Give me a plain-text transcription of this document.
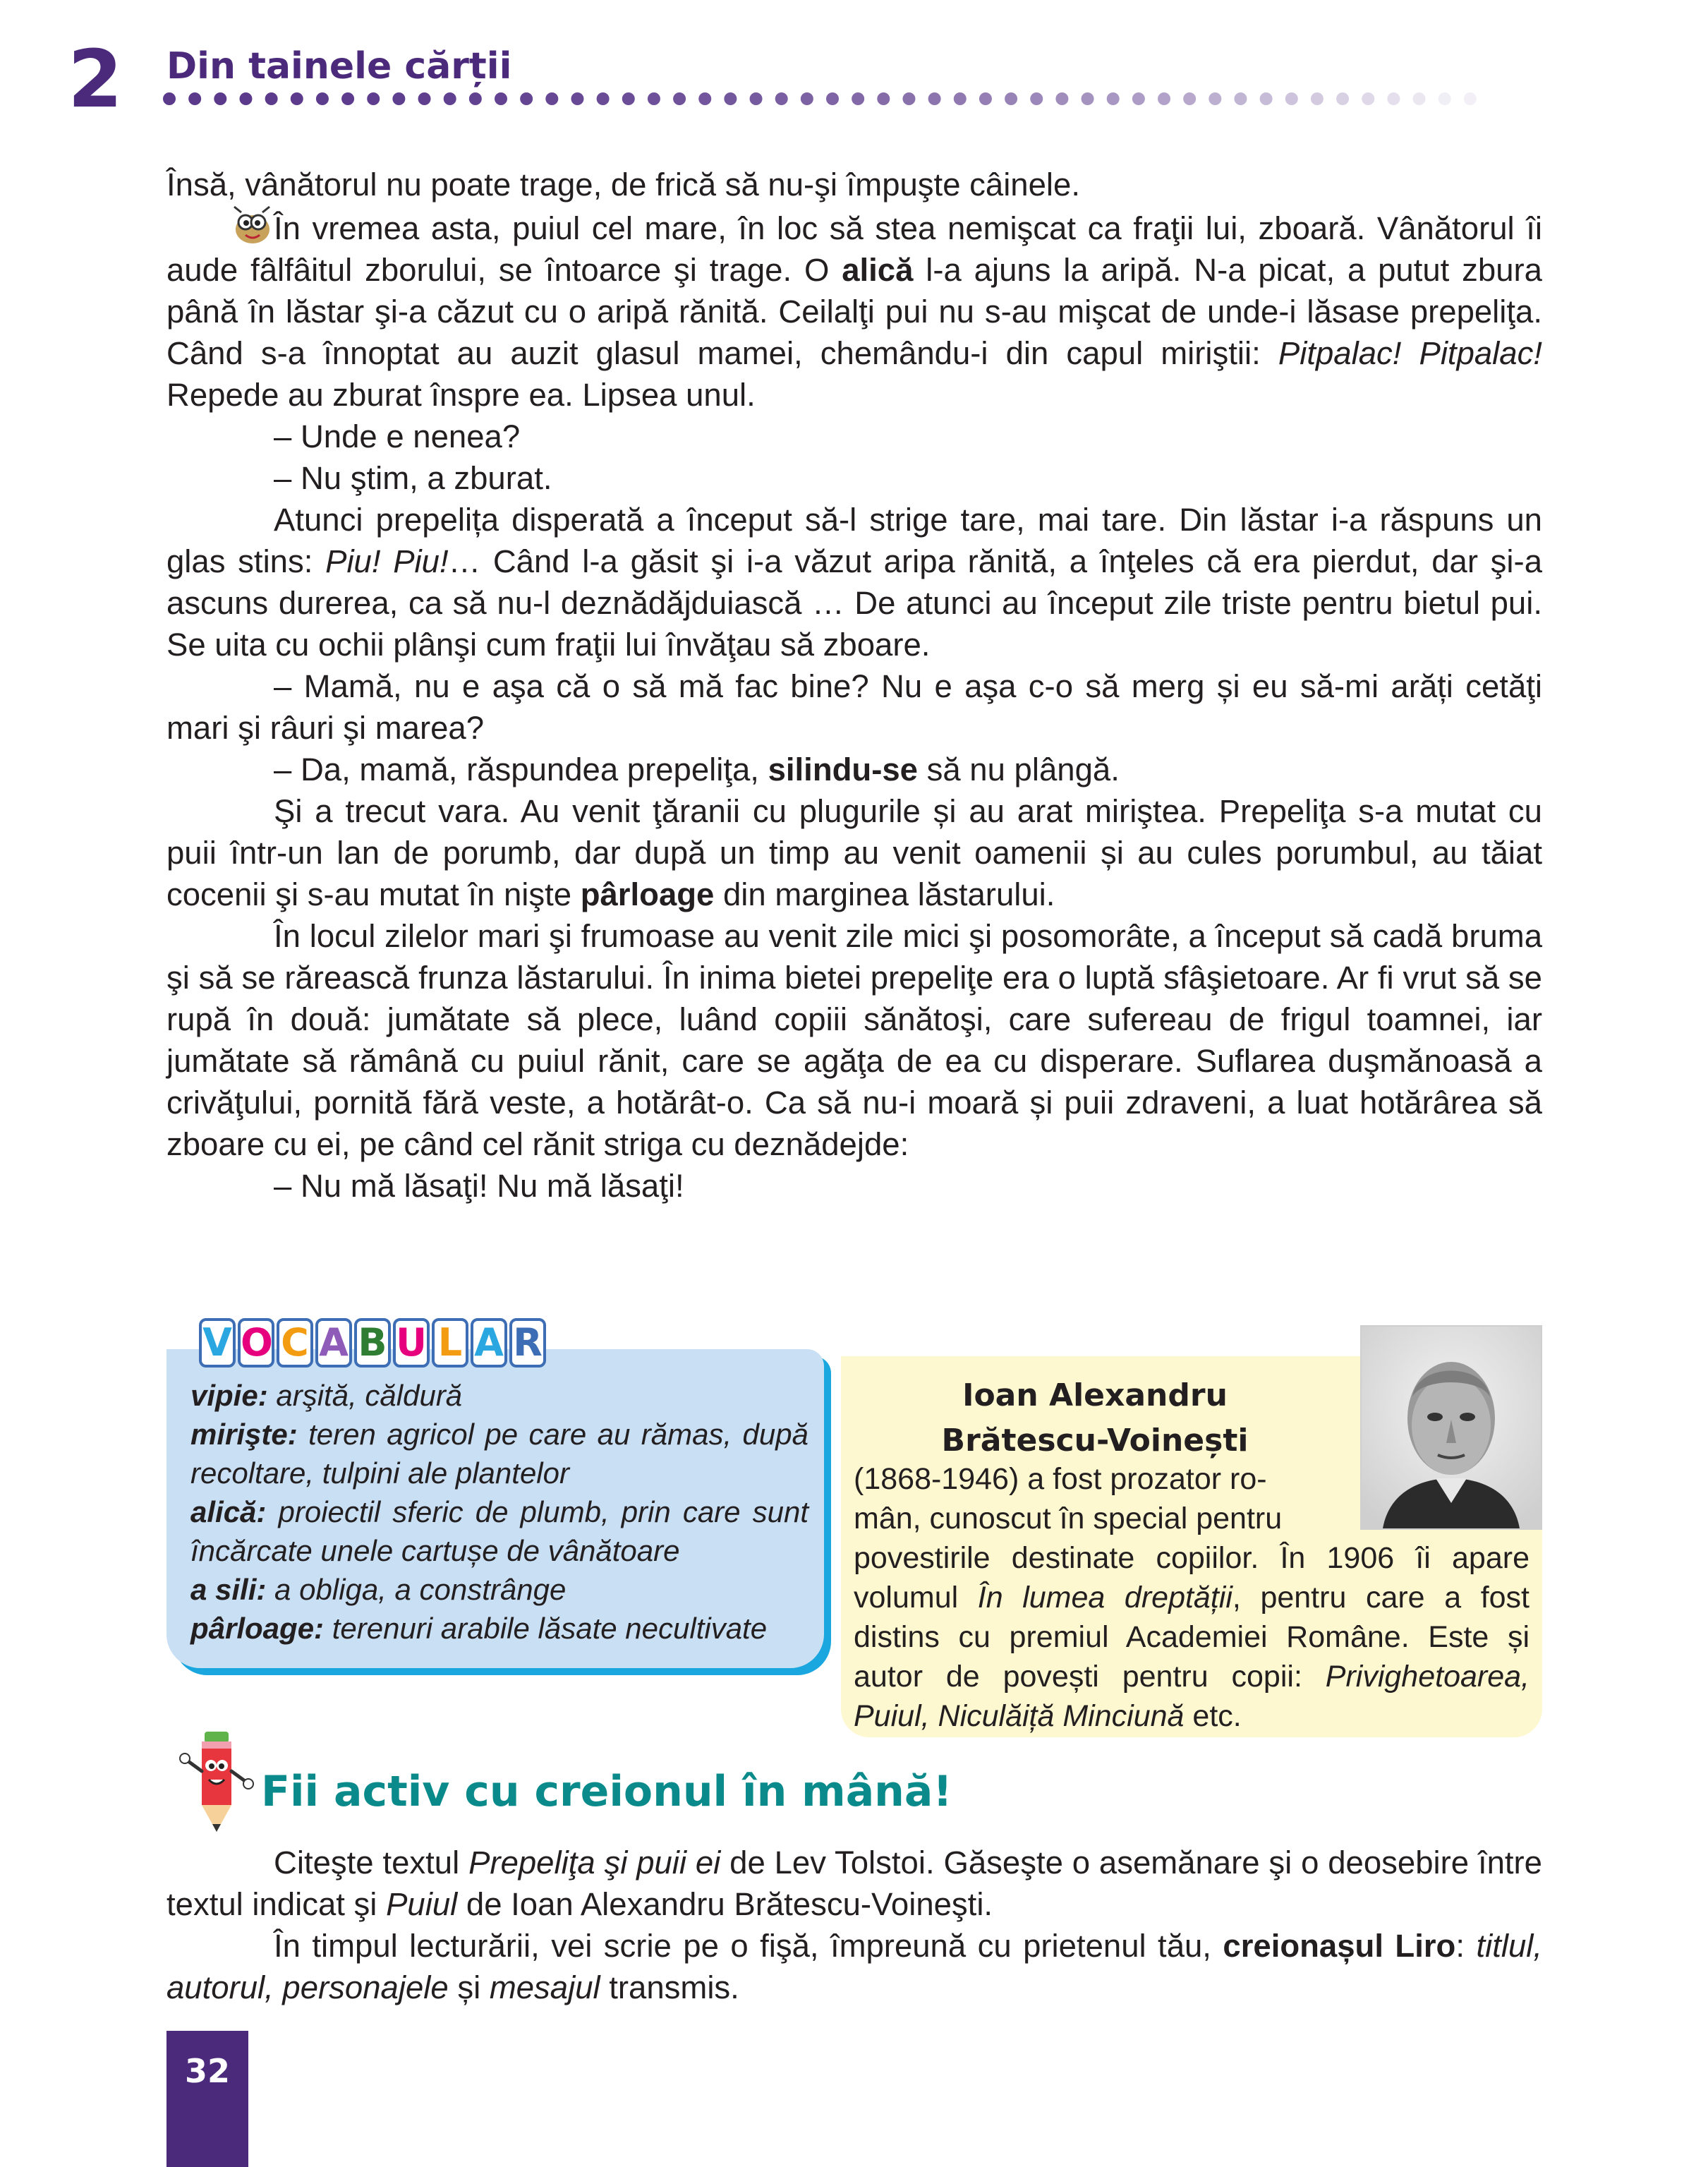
2 Din tainele cărții

Însă, vânătorul nu poate trage, de frică să nu-şi împuşte câinele.

În vremea asta, puiul cel mare, în loc să stea nemişcat ca fraţii lui, zboară. Vânătorul îi aude fâlfâitul zborului, se întoarce şi trage. O alică l-a ajuns la aripă. N-a picat, a putut zbura până în lăstar şi-a căzut cu o aripă rănită. Ceilalţi pui nu s-au mişcat de unde-i lăsase prepeliţa. Când s-a înnoptat au auzit glasul mamei, chemându-i din capul miriştii: Pitpalac! Pitpalac! Repede au zburat înspre ea. Lipsea unul.

– Unde e nenea?

– Nu ştim, a zburat.

Atunci prepelița disperată a început să-l strige tare, mai tare. Din lăstar i-a răspuns un glas stins: Piu! Piu!… Când l-a găsit şi i-a văzut aripa rănită, a înţeles că era pierdut, dar şi-a ascuns durerea, ca să nu-l deznădăjduiască … De atunci au început zile triste pentru bietul pui. Se uita cu ochii plânşi cum fraţii lui învăţau să zboare.

– Mamă, nu e aşa că o să mă fac bine? Nu e aşa c-o să merg și eu să-mi arăți cetăţi mari şi râuri şi marea?

– Da, mamă, răspundea prepeliţa, silindu-se să nu plângă.

Şi a trecut vara. Au venit ţăranii cu plugurile și au arat miriştea. Prepeliţa s-a mutat cu puii într-un lan de porumb, dar după un timp au venit oamenii și au cules porumbul, au tăiat cocenii şi s-au mutat în nişte pârloage din marginea lăstarului.

În locul zilelor mari şi frumoase au venit zile mici şi posomorâte, a început să cadă bruma şi să se rărească frunza lăstarului. În inima bietei prepeliţe era o luptă sfâşietoare. Ar fi vrut să se rupă în două: jumătate să plece, luând copiii sănătoşi, care sufereau de frigul toamnei, iar jumătate să rămână cu puiul rănit, care se agăţa de ea cu disperare. Suflarea duşmănoasă a crivăţului, pornită fără veste, a hotărât-o. Ca să nu-i moară și puii zdraveni, a luat hotărârea să zboare cu ei, pe când cel rănit striga cu deznădejde:

– Nu mă lăsaţi! Nu mă lăsaţi!

V O C A B U L A R

vipie: arşită, căldură

mirişte: teren agricol pe care au rămas, după recoltare, tulpini ale plantelor

alică: proiectil sferic de plumb, prin care sunt încărcate unele cartușe de vânătoare

a sili: a obliga, a constrânge

pârloage: terenuri arabile lăsate necultivate

Ioan Alexandru
Brătescu-Voinești

(1868-1946) a fost prozator ro-

mân, cunoscut în special pentru

povestirile destinate copiilor. În 1906 îi apare volumul În lumea dreptății, pentru care a fost distins cu premiul Academiei Române. Este și autor de povești pentru copii: Privighetoarea, Puiul, Niculăiță Minciună etc.

Fii activ cu creionul în mână!

Citeşte textul Prepeliţa şi puii ei de Lev Tolstoi. Găseşte o asemănare şi o deosebire între textul indicat şi Puiul de Ioan Alexandru Brătescu-Voineşti.

În timpul lecturării, vei scrie pe o fişă, împreună cu prietenul tău, creionașul Liro: titlul, autorul, personajele și mesajul transmis.

32
